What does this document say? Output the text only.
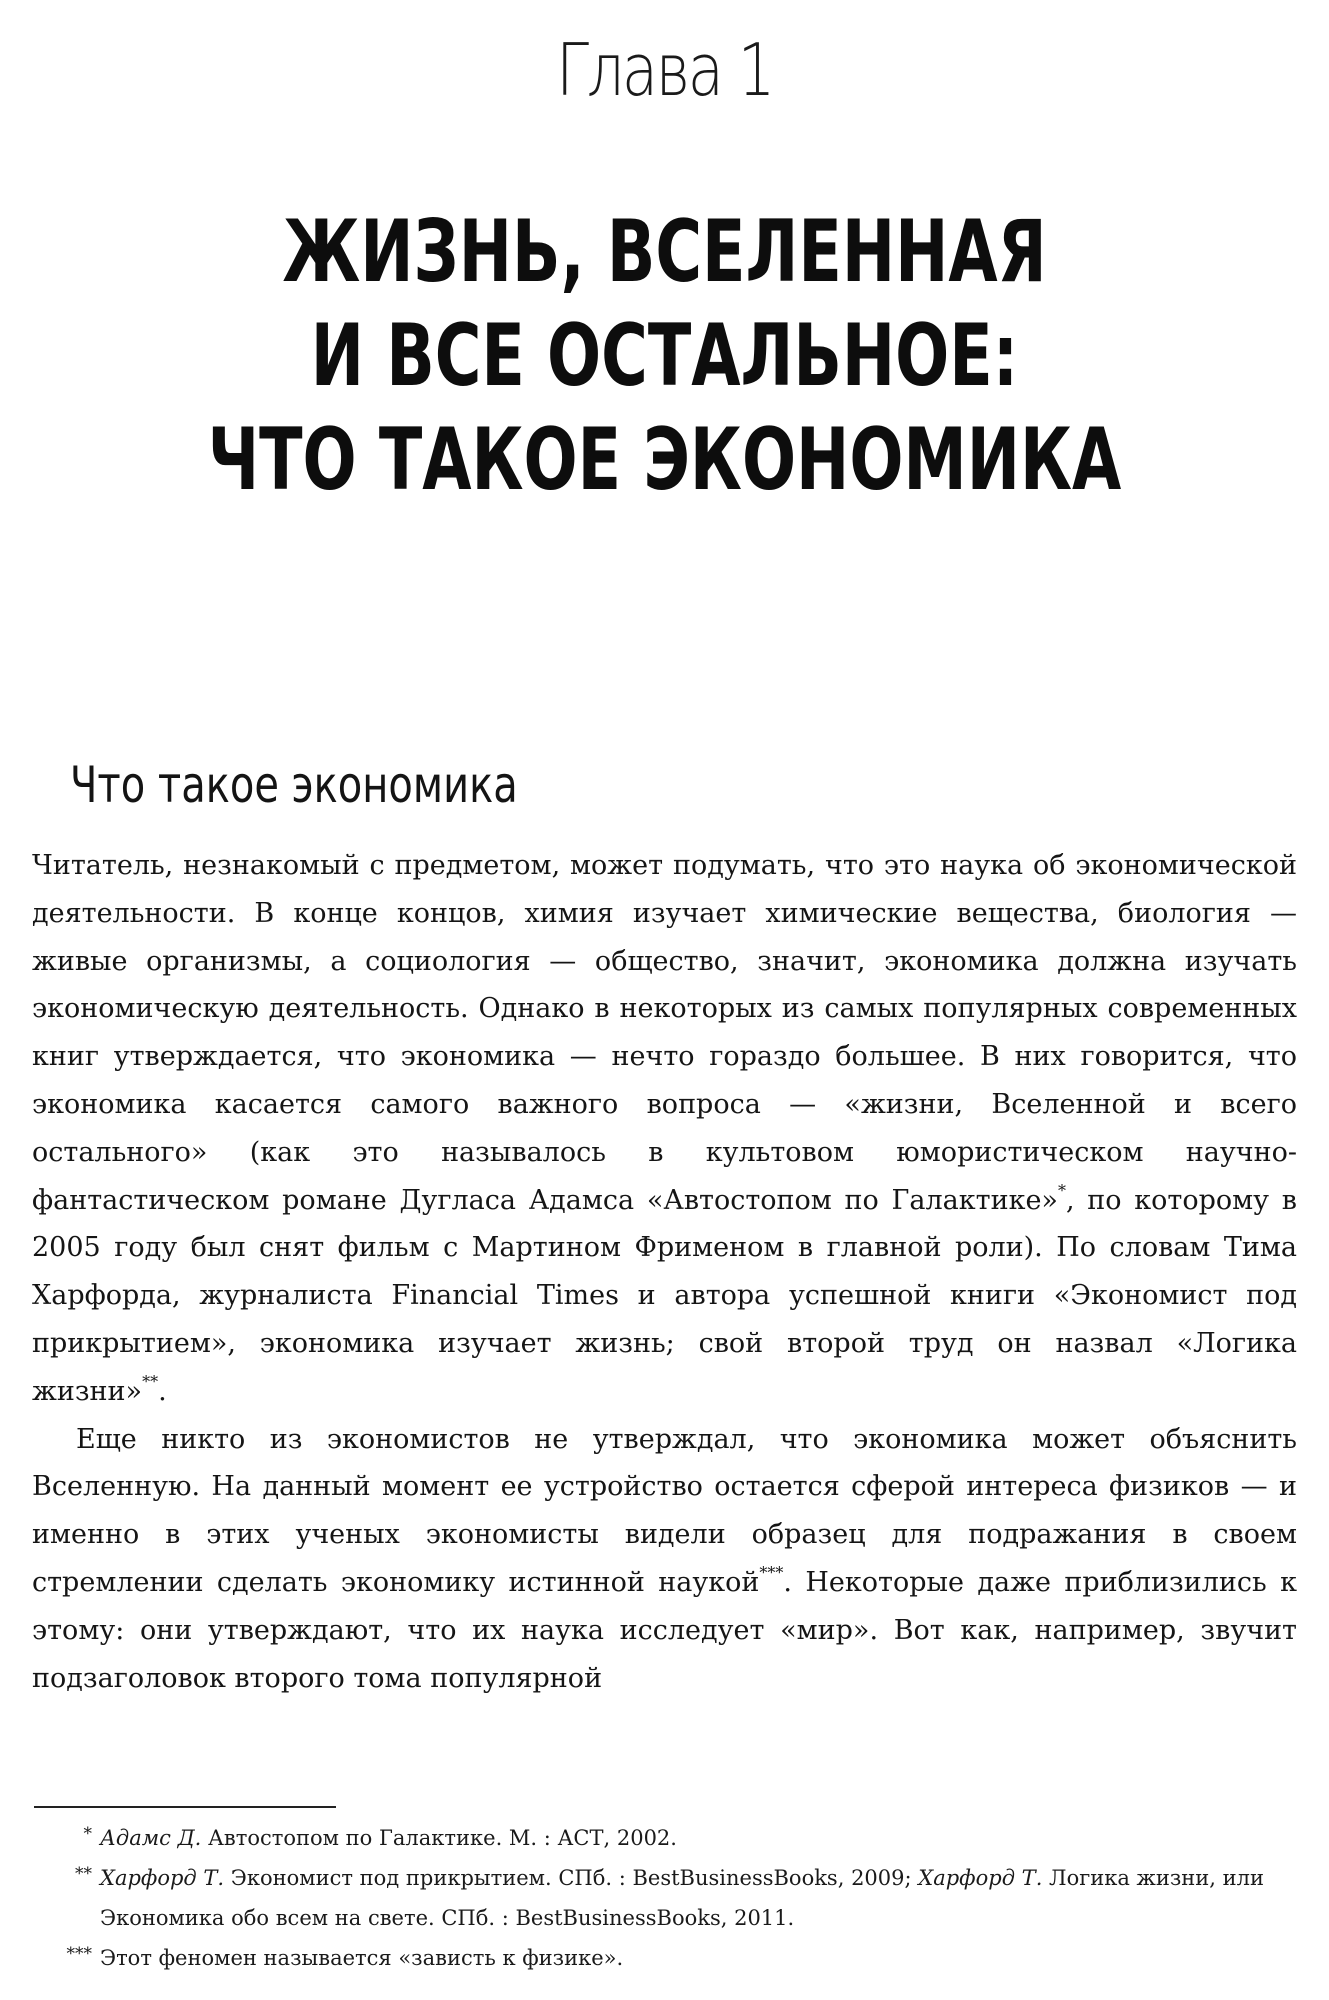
Глава 1
ЖИЗНЬ, ВСЕЛЕННАЯ
И ВСЕ ОСТАЛЬНОЕ:
ЧТО ТАКОЕ ЭКОНОМИКА
Что такое экономика

Читатель, незнакомый с предметом, может подумать, что это наука об экономической деятельности. В конце концов, химия изучает химические вещества, биология — живые организмы, а социология — общество, значит, экономика должна изучать экономическую деятельность. Однако в некоторых из самых популярных современных книг утверждается, что экономика — нечто гораздо большее. В них говорится, что экономика касается самого важного вопроса — «жизни, Вселенной и всего остального» (как это называлось в культовом юмористическом научно-фантастическом романе Дугласа Адамса «Автостопом по Галактике»*, по которому в 2005 году был снят фильм с Мартином Фрименом в главной роли). По словам Тима Харфорда, журналиста Financial Times и автора успешной книги «Экономист под прикрытием», экономика изучает жизнь; свой второй труд он назвал «Логика жизни»**.

Еще никто из экономистов не утверждал, что экономика может объяснить Вселенную. На данный момент ее устройство остается сферой интереса физиков — и именно в этих ученых экономисты видели образец для подражания в своем стремлении сделать экономику истинной наукой***. Некоторые даже приблизились к этому: они утверждают, что их наука исследует «мир». Вот как, например, звучит подзаголовок второго тома популярной

* Адамс Д. Автостопом по Галактике. М. : АСТ, 2002.
** Харфорд Т. Экономист под прикрытием. СПб. : BestBusinessBooks, 2009; Харфорд Т. Логика жизни, или Экономика обо всем на свете. СПб. : BestBusinessBooks, 2011.
*** Этот феномен называется «зависть к физике».
